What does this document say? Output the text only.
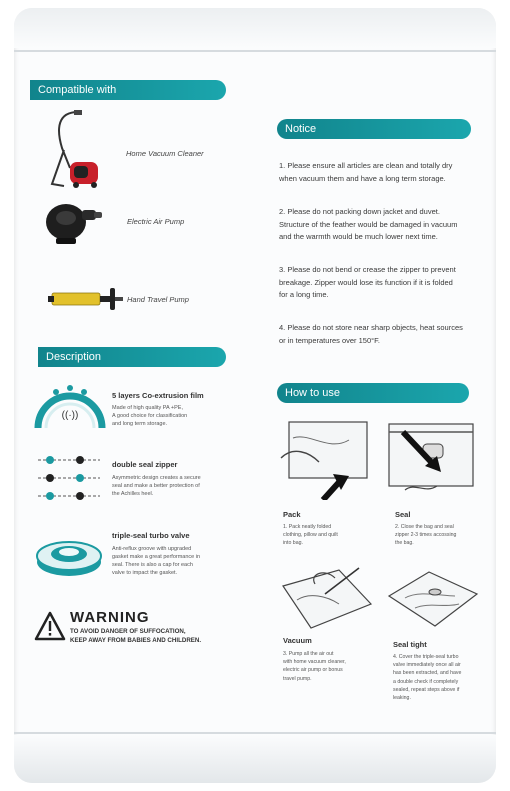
Compatible with
Home Vacuum Cleaner
Electric Air Pump
Hand Travel Pump
Description
((·))
5 layers Co-extrusion film
Made of high quality PA +PE,
A good choice for classification
and long term storage.
double seal zipper
Asymmetric design creates a secure
seal and make a better protection of
the Achilles heel.
triple-seal turbo valve
Anti-reflux groove with upgraded
gasket make a great performance in
seal. There is also a cap for each
valve to impact the gasket.
WARNING
TO AVOID DANGER OF SUFFOCATION,
KEEP AWAY FROM BABIES AND CHILDREN.
Notice
1. Please ensure all articles are clean and totally dry
when vacuum them and have a long term storage.
2. Please do not packing down jacket and duvet.
Structure of the feather would be damaged in vacuum
and the warmth would be much lower next time.
3. Please do not bend or crease the zipper to prevent
breakage. Zipper would lose its function if it is folded
for a long time.
4. Please do not store near sharp objects, heat sources
or in temperatures over 150°F.
How to use
Pack
1. Pack neatly folded
clothing, pillow and quilt
into bag.
Seal
2. Close the bag and seal
zipper 2-3 times accossing
the bag.
Vacuum
3. Pump all the air out
with home vacuum cleaner,
electric air pump or bonus
travel pump.
Seal tight
4. Cover the triple-seal turbo
valve immediately once all air
has been extracted, and have
a double check if completely
sealed, repeat steps above if
leaking.
